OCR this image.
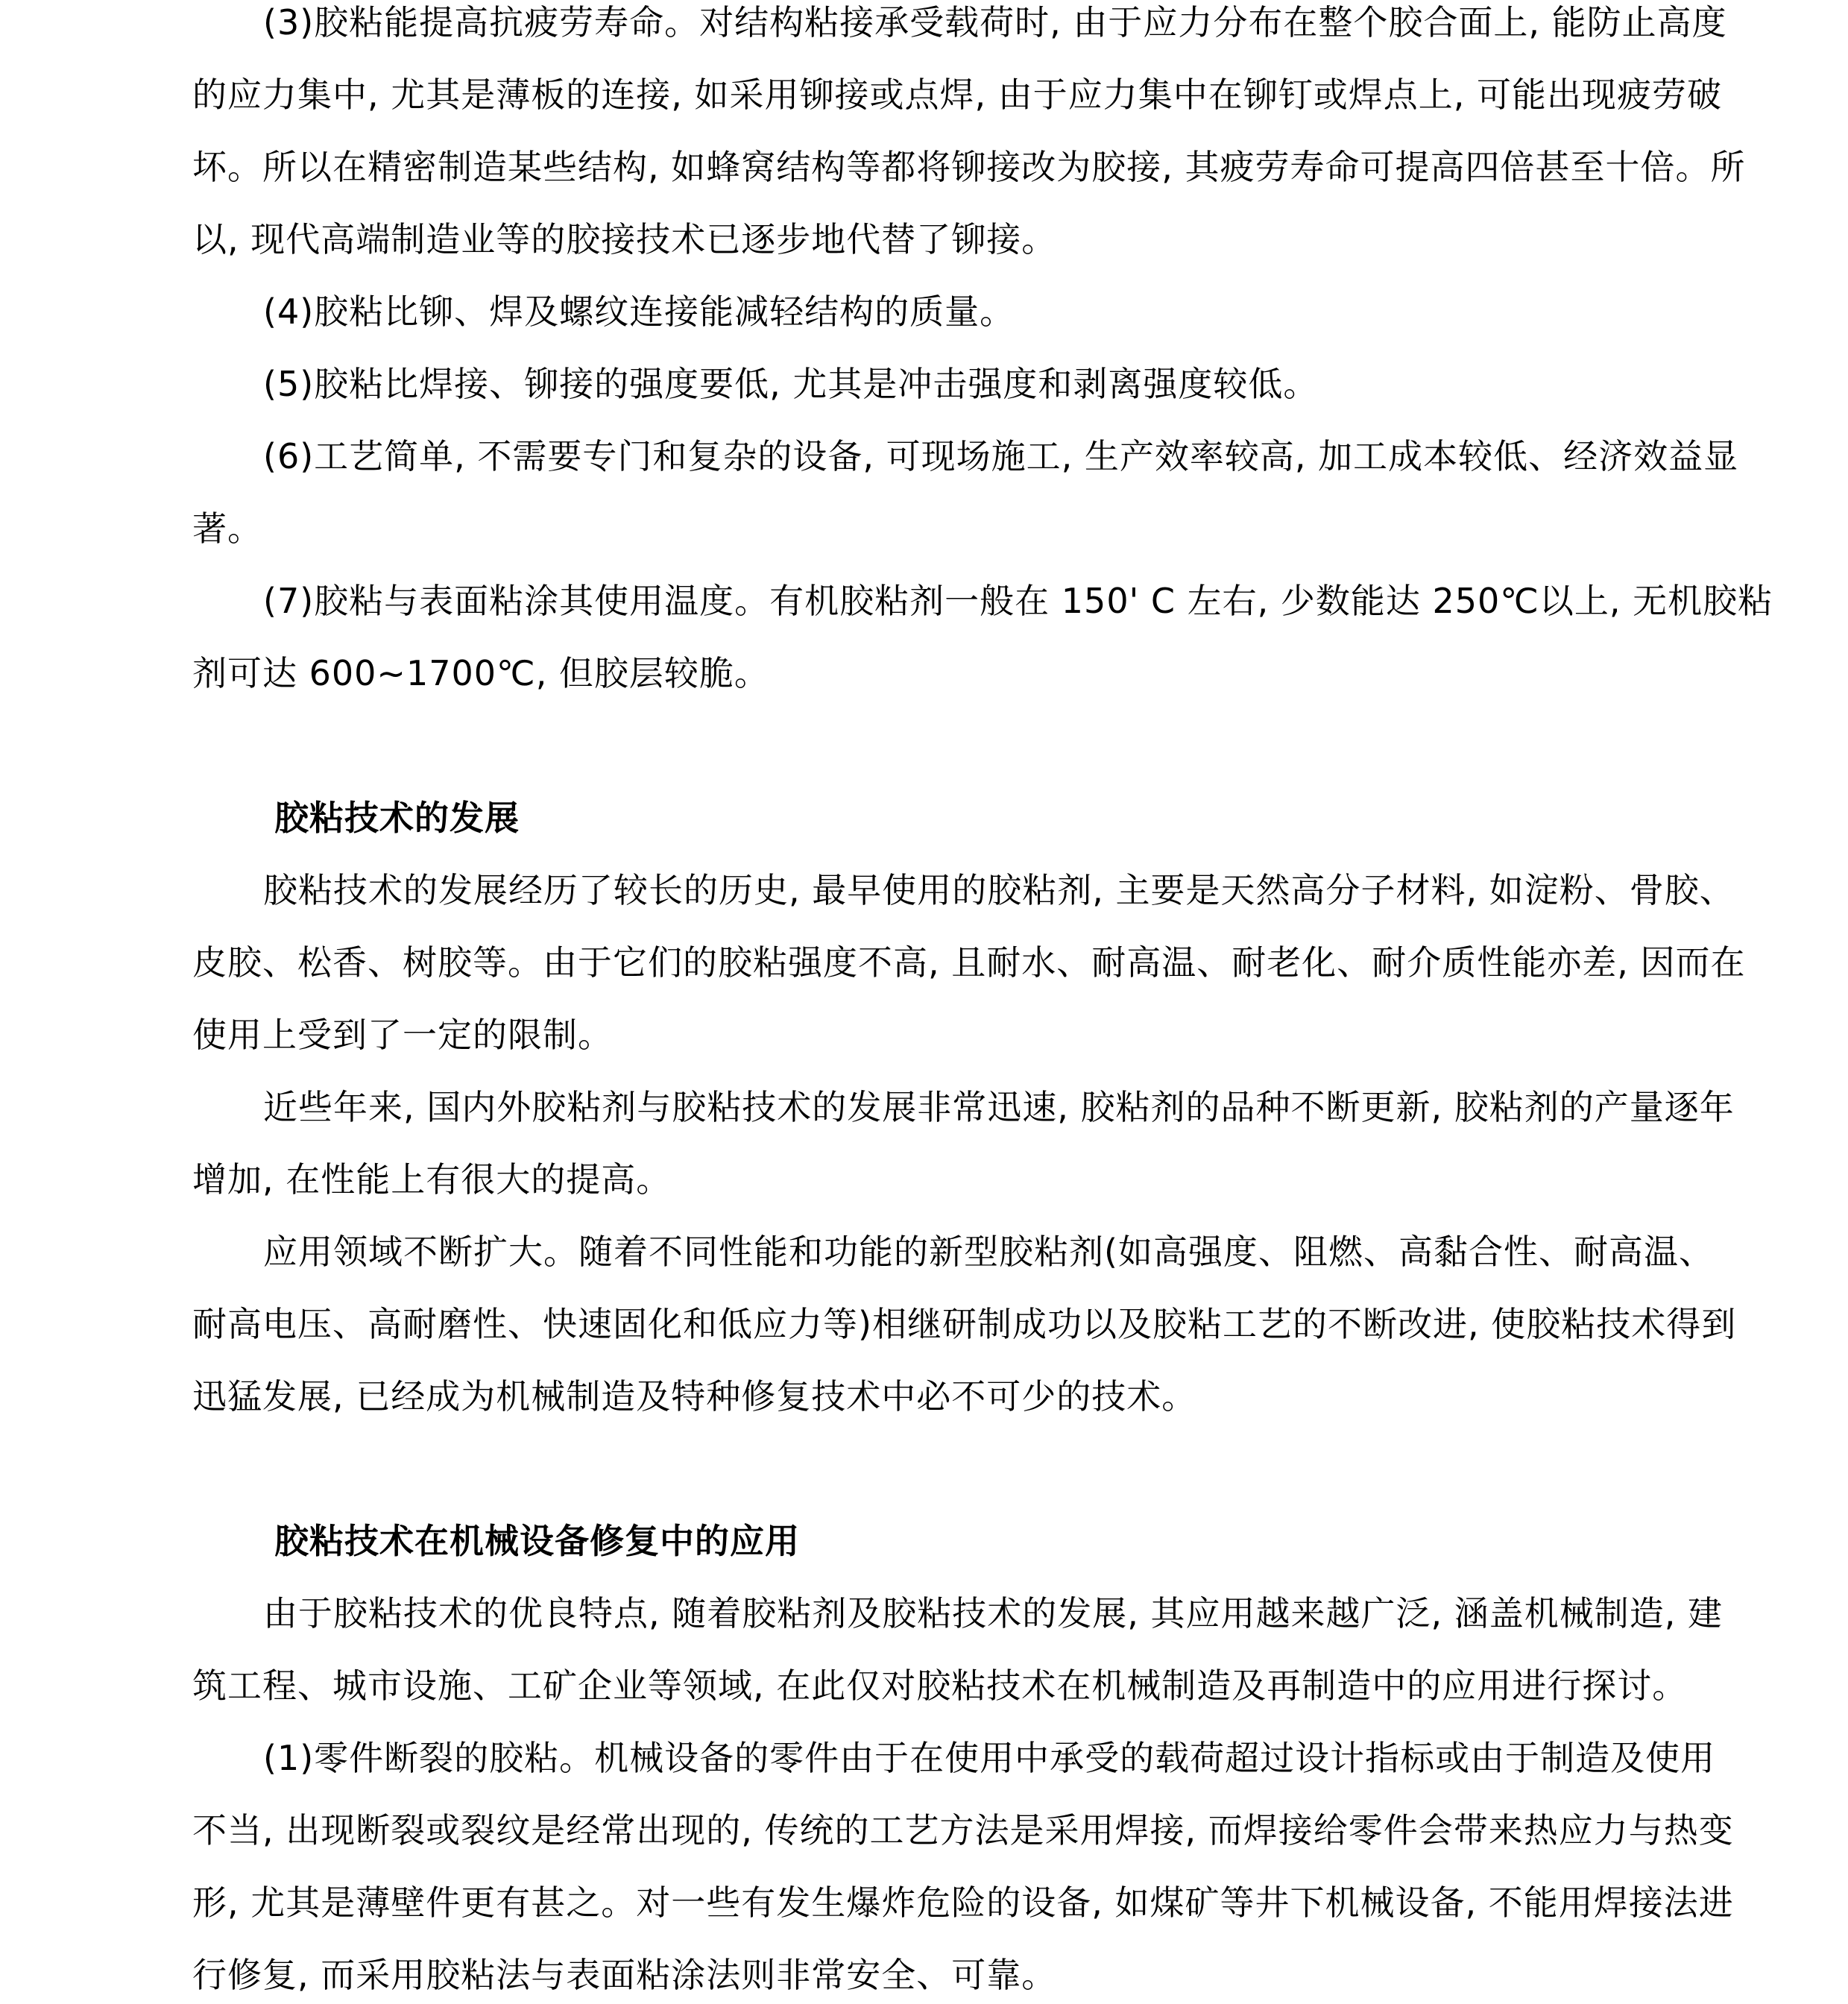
(3)胶粘能提高抗疲劳寿命。对结构粘接承受载荷时, 由于应力分布在整个胶合面上, 能防止高度
的应力集中, 尤其是薄板的连接, 如采用铆接或点焊, 由于应力集中在铆钉或焊点上, 可能出现疲劳破
坏。所以在精密制造某些结构, 如蜂窝结构等都将铆接改为胶接, 其疲劳寿命可提高四倍甚至十倍。所
以, 现代高端制造业等的胶接技术已逐步地代替了铆接。
(4)胶粘比铆、焊及螺纹连接能减轻结构的质量。
(5)胶粘比焊接、铆接的强度要低, 尤其是冲击强度和剥离强度较低。
(6)工艺简单, 不需要专门和复杂的设备, 可现场施工, 生产效率较高, 加工成本较低、经济效益显
著。
(7)胶粘与表面粘涂其使用温度。有机胶粘剂一般在 150' C 左右, 少数能达 250℃以上, 无机胶粘
剂可达 600~1700℃, 但胶层较脆。
胶粘技术的发展
胶粘技术的发展经历了较长的历史, 最早使用的胶粘剂, 主要是天然高分子材料, 如淀粉、骨胶、
皮胶、松香、树胶等。由于它们的胶粘强度不高, 且耐水、耐高温、耐老化、耐介质性能亦差, 因而在
使用上受到了一定的限制。
近些年来, 国内外胶粘剂与胶粘技术的发展非常迅速, 胶粘剂的品种不断更新, 胶粘剂的产量逐年
增加, 在性能上有很大的提高。
应用领域不断扩大。随着不同性能和功能的新型胶粘剂(如高强度、阻燃、高黏合性、耐高温、
耐高电压、高耐磨性、快速固化和低应力等)相继研制成功以及胶粘工艺的不断改进, 使胶粘技术得到
迅猛发展, 已经成为机械制造及特种修复技术中必不可少的技术。
胶粘技术在机械设备修复中的应用
由于胶粘技术的优良特点, 随着胶粘剂及胶粘技术的发展, 其应用越来越广泛, 涵盖机械制造, 建
筑工程、城市设施、工矿企业等领域, 在此仅对胶粘技术在机械制造及再制造中的应用进行探讨。
(1)零件断裂的胶粘。机械设备的零件由于在使用中承受的载荷超过设计指标或由于制造及使用
不当, 出现断裂或裂纹是经常出现的, 传统的工艺方法是采用焊接, 而焊接给零件会带来热应力与热变
形, 尤其是薄壁件更有甚之。对一些有发生爆炸危险的设备, 如煤矿等井下机械设备, 不能用焊接法进
行修复, 而采用胶粘法与表面粘涂法则非常安全、可靠。
